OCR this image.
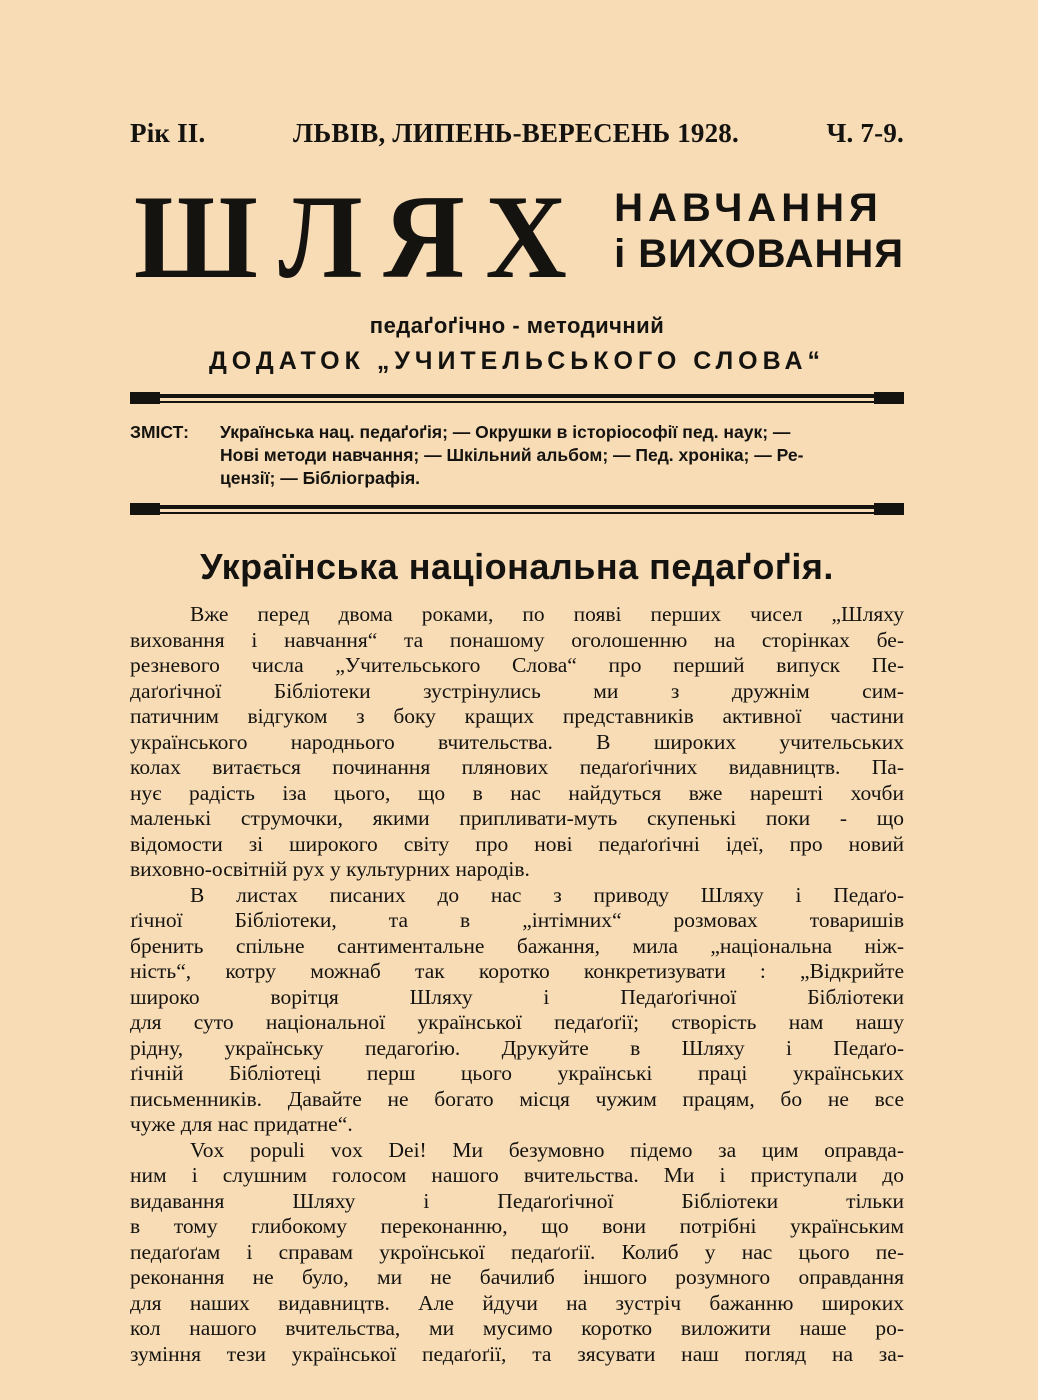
Рік II.	ЛЬВІВ, ЛИПЕНЬ-ВЕРЕСЕНЬ 1928.	Ч. 7-9.
ШЛЯХ НАВЧАННЯ
і ВИХОВАННЯ
педаґоґічно - методичний
ДОДАТОК „УЧИТЕЛЬСЬКОГО СЛОВА“
ЗМІСТ:	Українська нац. педаґоґія; — Окрушки в історіософії пед. наук; —
Нові методи навчання; — Шкільний альбом; — Пед. хроніка; — Ре-
цензії; — Бібліографія.
Українська національна педаґоґія.

Вже перед двома роками, по появі перших чисел „Шляху
виховання і навчання“ та понашому оголошенню на сторінках бе-
резневого числа „Учительського Слова“ про перший випуск Пе-
даґоґічної Бібліотеки зустрінулись ми з дружнім сим-
патичним відгуком з боку кращих представників активної частини
українського народнього вчительства. В широких учительських
колах витається починання плянових педаґоґічних видавництв. Па-
нує радість іза цього, що в нас найдуться вже нарешті хочби
маленькі струмочки, якими припливати-муть скупенькі поки - що
відомости зі широкого світу про нові педаґоґічні ідеї, про новий
виховно-освітній рух у культурних народів.

В листах писаних до нас з приводу Шляху і Педаґо-
ґічної Бібліотеки, та в „інтімних“ розмовах товаришів
бренить спільне сантиментальне бажання, мила „національна ніж-
ність“, котру можнаб так коротко конкретизувати : „Відкрийте
широко ворітця Шляху і Педаґоґічної Бібліотеки
для суто національної української педаґоґії; створість нам нашу
рідну, українську педагоґію. Друкуйте в Шляху і Педаґо-
ґічній Бібліотеці перш цього українські праці українських
письменників. Давайте не богато місця чужим працям, бо не все
чуже для нас придатне“.

Vox populi vox Dei! Ми безумовно підемо за цим оправда-
ним і слушним голосом нашого вчительства. Ми і приступали до
видавання Шляху і Педаґоґічної Бібліотеки тільки
в тому глибокому переконанню, що вони потрібні українським
педаґоґам і справам укроїнської педаґоґії. Колиб у нас цього пе-
реконання не було, ми не бачилиб іншого розумного оправдання
для наших видавництв. Але йдучи на зустріч бажанню широких
кол нашого вчительства, ми мусимо коротко виложити наше ро-
зуміння тези української педаґоґії, та зясувати наш погляд на за-
